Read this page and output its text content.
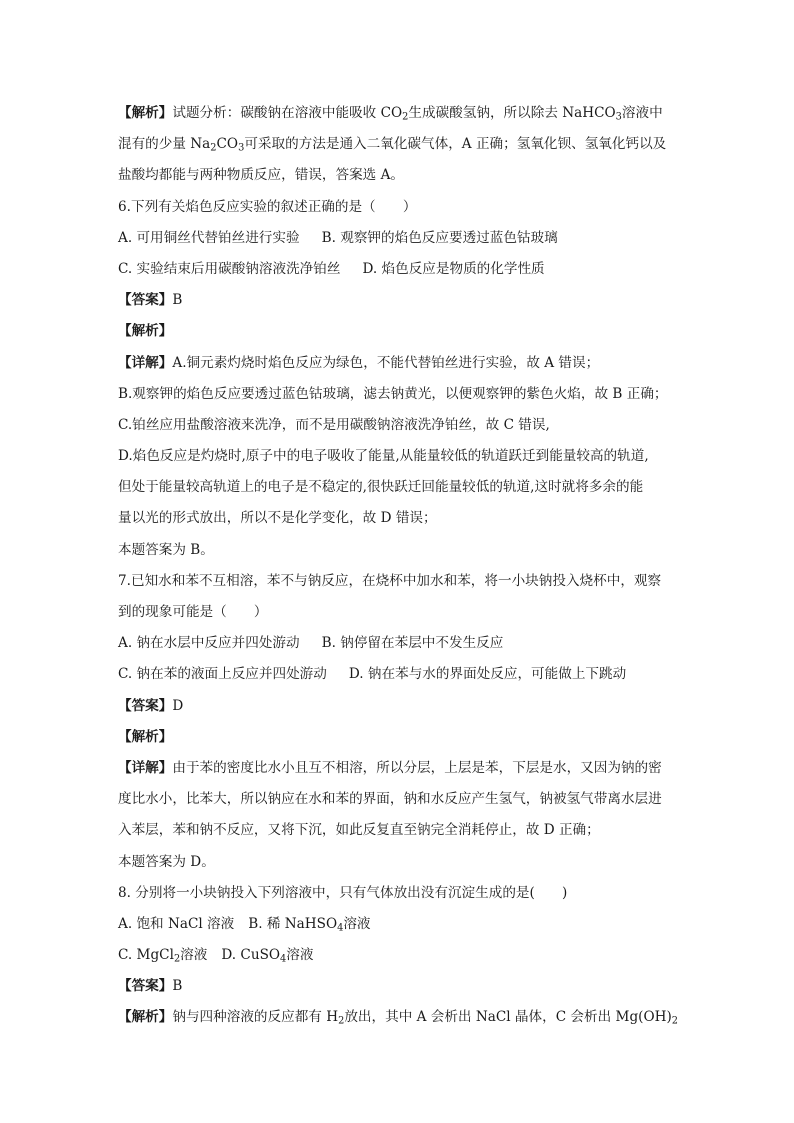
【解析】试题分析：碳酸钠在溶液中能吸收 $CO_2$生成碳酸氢钠，所以除去 NaHCO$_3$溶液中
混有的少量 $Na_2CO_3$可采取的方法是通入二氧化碳气体，A 正确；氢氧化钡、氢氧化钙以及
盐酸均都能与两种物质反应，错误，答案选 A。
6.下列有关焰色反应实验的叙述正确的是（　　）
A. 可用铜丝代替铂丝进行实验 B. 观察钾的焰色反应要透过蓝色钴玻璃
C. 实验结束后用碳酸钠溶液洗净铂丝 D. 焰色反应是物质的化学性质
【答案】B
【解析】
【详解】A.铜元素灼烧时焰色反应为绿色，不能代替铂丝进行实验，故 A 错误；
B.观察钾的焰色反应要透过蓝色钴玻璃，滤去钠黄光，以便观察钾的紫色火焰，故 B 正确；
C.铂丝应用盐酸溶液来洗净，而不是用碳酸钠溶液洗净铂丝，故 C 错误,
D.焰色反应是灼烧时,原子中的电子吸收了能量,从能量较低的轨道跃迁到能量较高的轨道,
但处于能量较高轨道上的电子是不稳定的,很快跃迁回能量较低的轨道,这时就将多余的能
量以光的形式放出，所以不是化学变化，故 D 错误；
本题答案为 B。
7.已知水和苯不互相溶，苯不与钠反应，在烧杯中加水和苯，将一小块钠投入烧杯中，观察
到的现象可能是（　　）
A. 钠在水层中反应并四处游动 B. 钠停留在苯层中不发生反应
C. 钠在苯的液面上反应并四处游动 D. 钠在苯与水的界面处反应，可能做上下跳动
【答案】D
【解析】
【详解】由于苯的密度比水小且互不相溶，所以分层，上层是苯，下层是水，又因为钠的密
度比水小，比苯大，所以钠应在水和苯的界面，钠和水反应产生氢气，钠被氢气带离水层进
入苯层，苯和钠不反应，又将下沉，如此反复直至钠完全消耗停止，故 D 正确；
本题答案为 D。
8. 分别将一小块钠投入下列溶液中，只有气体放出没有沉淀生成的是(　　)
A. 饱和 NaCl 溶液 B. 稀 NaHSO$_4$溶液
C. MgCl$_2$溶液 D. CuSO$_4$溶液
【答案】B
【解析】钠与四种溶液的反应都有 $H_2$放出，其中 A 会析出 NaCl 晶体，C 会析出 $Mg(OH)_2$
